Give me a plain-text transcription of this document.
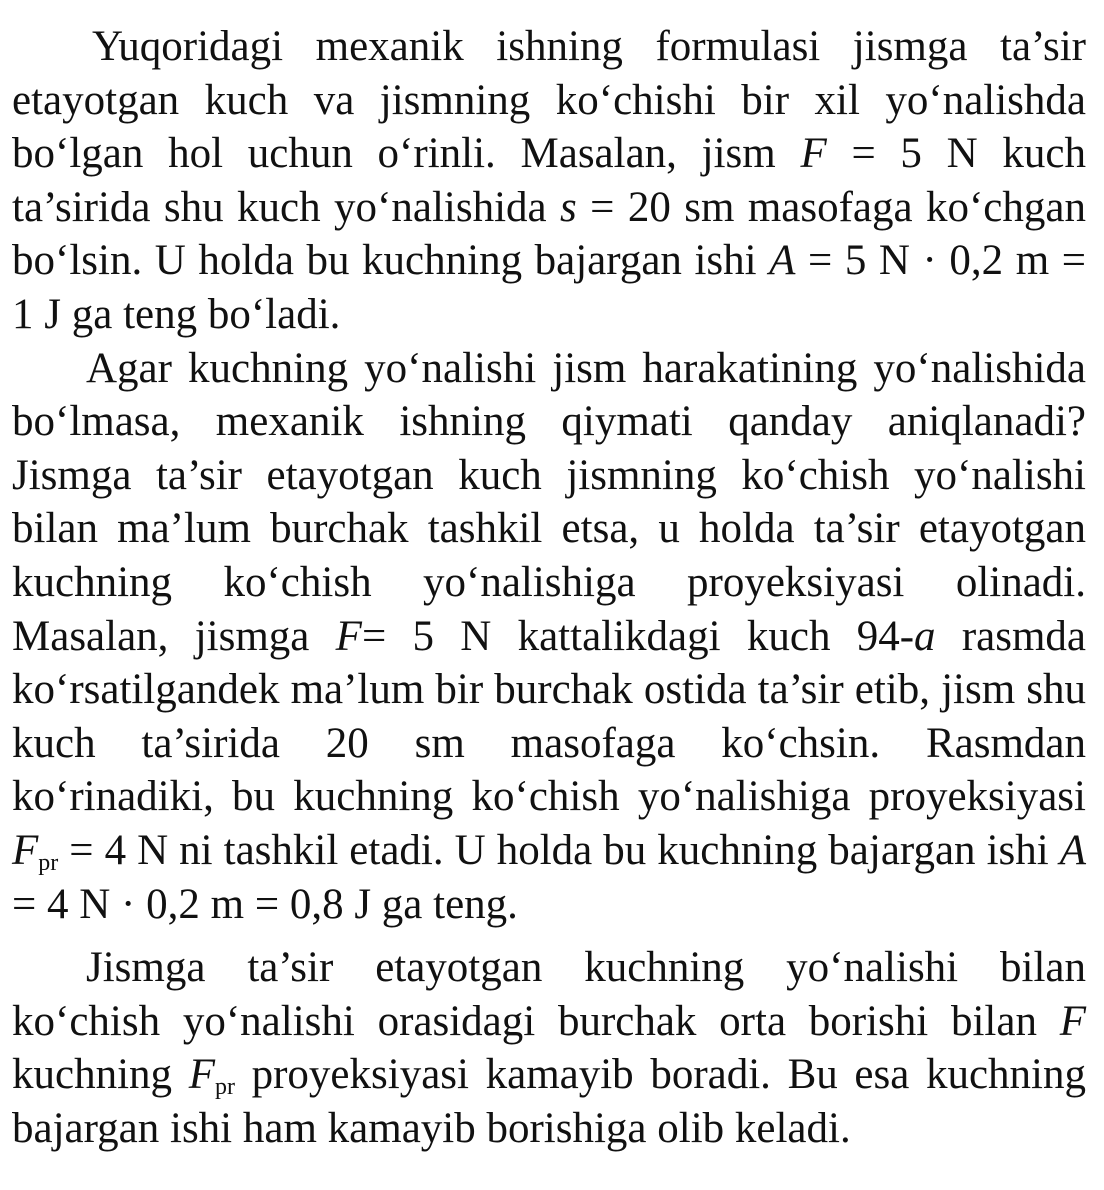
Yuqoridagi mexanik ishning formulasi jismga ta’sir etayotgan kuch va jismning ko‘chishi bir xil yo‘nalishda bo‘lgan hol uchun o‘rinli. Masalan, jism F = 5 N kuch ta’sirida shu kuch yo‘nalishida s = 20 sm masofaga ko‘chgan bo‘lsin. U holda bu kuchning bajargan ishi A = 5 N · 0,2 m = 1 J ga teng bo‘ladi.

Agar kuchning yo‘nalishi jism harakatining yo‘nalishida bo‘lmasa, mexanik ishning qiymati qanday aniqlanadi? Jismga ta’sir etayotgan kuch jismning ko‘chish yo‘nalishi bilan ma’lum burchak tashkil etsa, u holda ta’sir etayotgan kuchning ko‘chish yo‘nalishiga proyeksiyasi olinadi. Masalan, jismga F= 5 N kattalikdagi kuch 94-a rasmda ko‘rsatilgandek ma’lum bir burchak ostida ta’sir etib, jism shu kuch ta’sirida 20 sm masofaga ko‘chsin. Rasmdan ko‘rinadiki, bu kuchning ko‘chish yo‘nalishiga proyeksiyasi $F_{pr} = 4$ N ni tashkil etadi. U holda bu kuchning bajargan ishi A = 4 N · 0,2 m = 0,8 J ga teng.

Jismga ta’sir etayotgan kuchning yo‘nalishi bilan ko‘chish yo‘nalishi orasidagi burchak orta borishi bilan F kuchning $F_{pr}$ proyeksiyasi kamayib boradi. Bu esa kuchning bajargan ishi ham kamayib borishiga olib keladi.
